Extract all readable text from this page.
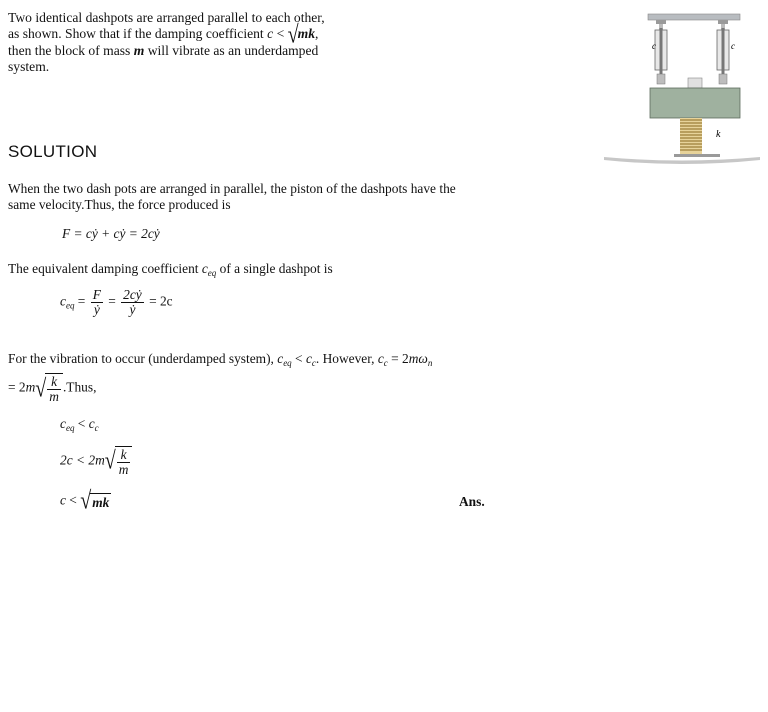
Two identical dashpots are arranged parallel to each other,
as shown. Show that if the damping coefficient c < √mk,
then the block of mass m will vibrate as an underdamped
system.
c	c
k
SOLUTION
When the two dash pots are arranged in parallel, the piston of the dashpots have the
same velocity.Thus, the force produced is
F = cẏ + cẏ = 2cẏ
The equivalent damping coefficient $c_{eq}$ of a single dashpot is
$c_{eq} = \frac{F}{\text{ẏ}} = \frac{\text{2cẏ}}{\text{ẏ}} = 2c$
For the vibration to occur (underdamped system), $c_{eq} < c_c$. However, $c_c = 2m\omega_n$
= $2m√ \frac{k}{m}$ .Thus,
$c_{eq} < c_c$
$2c < 2m√ \frac{k}{m}$
c < √mk	Ans.
